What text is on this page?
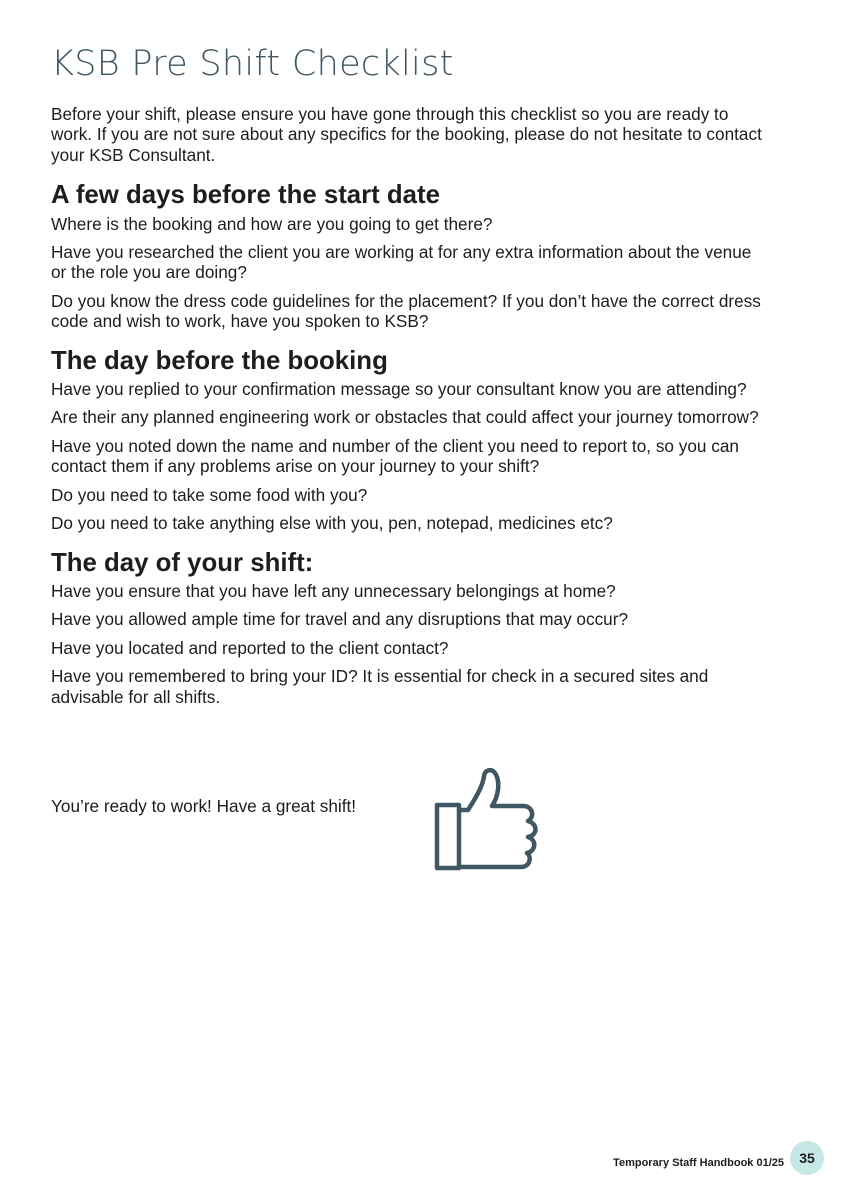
KSB Pre Shift Checklist

Before your shift, please ensure you have gone through this checklist so you are ready to work. If you are not sure about any specifics for the booking, please do not hesitate to contact your KSB Consultant.

A few days before the start date

Where is the booking and how are you going to get there?

Have you researched the client you are working at for any extra information about the venue or the role you are doing?

Do you know the dress code guidelines for the placement? If you don’t have the correct dress code and wish to work, have you spoken to KSB?

The day before the booking

Have you replied to your confirmation message so your consultant know you are attending?

Are their any planned engineering work or obstacles that could affect your journey tomorrow?

Have you noted down the name and number of the client you need to report to, so you can contact them if any problems arise on your journey to your shift?

Do you need to take some food with you?

Do you need to take anything else with you, pen, notepad, medicines etc?

The day of your shift:

Have you ensure that you have left any unnecessary belongings at home?

Have you allowed ample time for travel and any disruptions that may occur?

Have you located and reported to the client contact?

Have you remembered to bring your ID? It is essential for check in a secured sites and advisable for all shifts.

You’re ready to work! Have a great shift!

Temporary Staff Handbook 01/25	35
